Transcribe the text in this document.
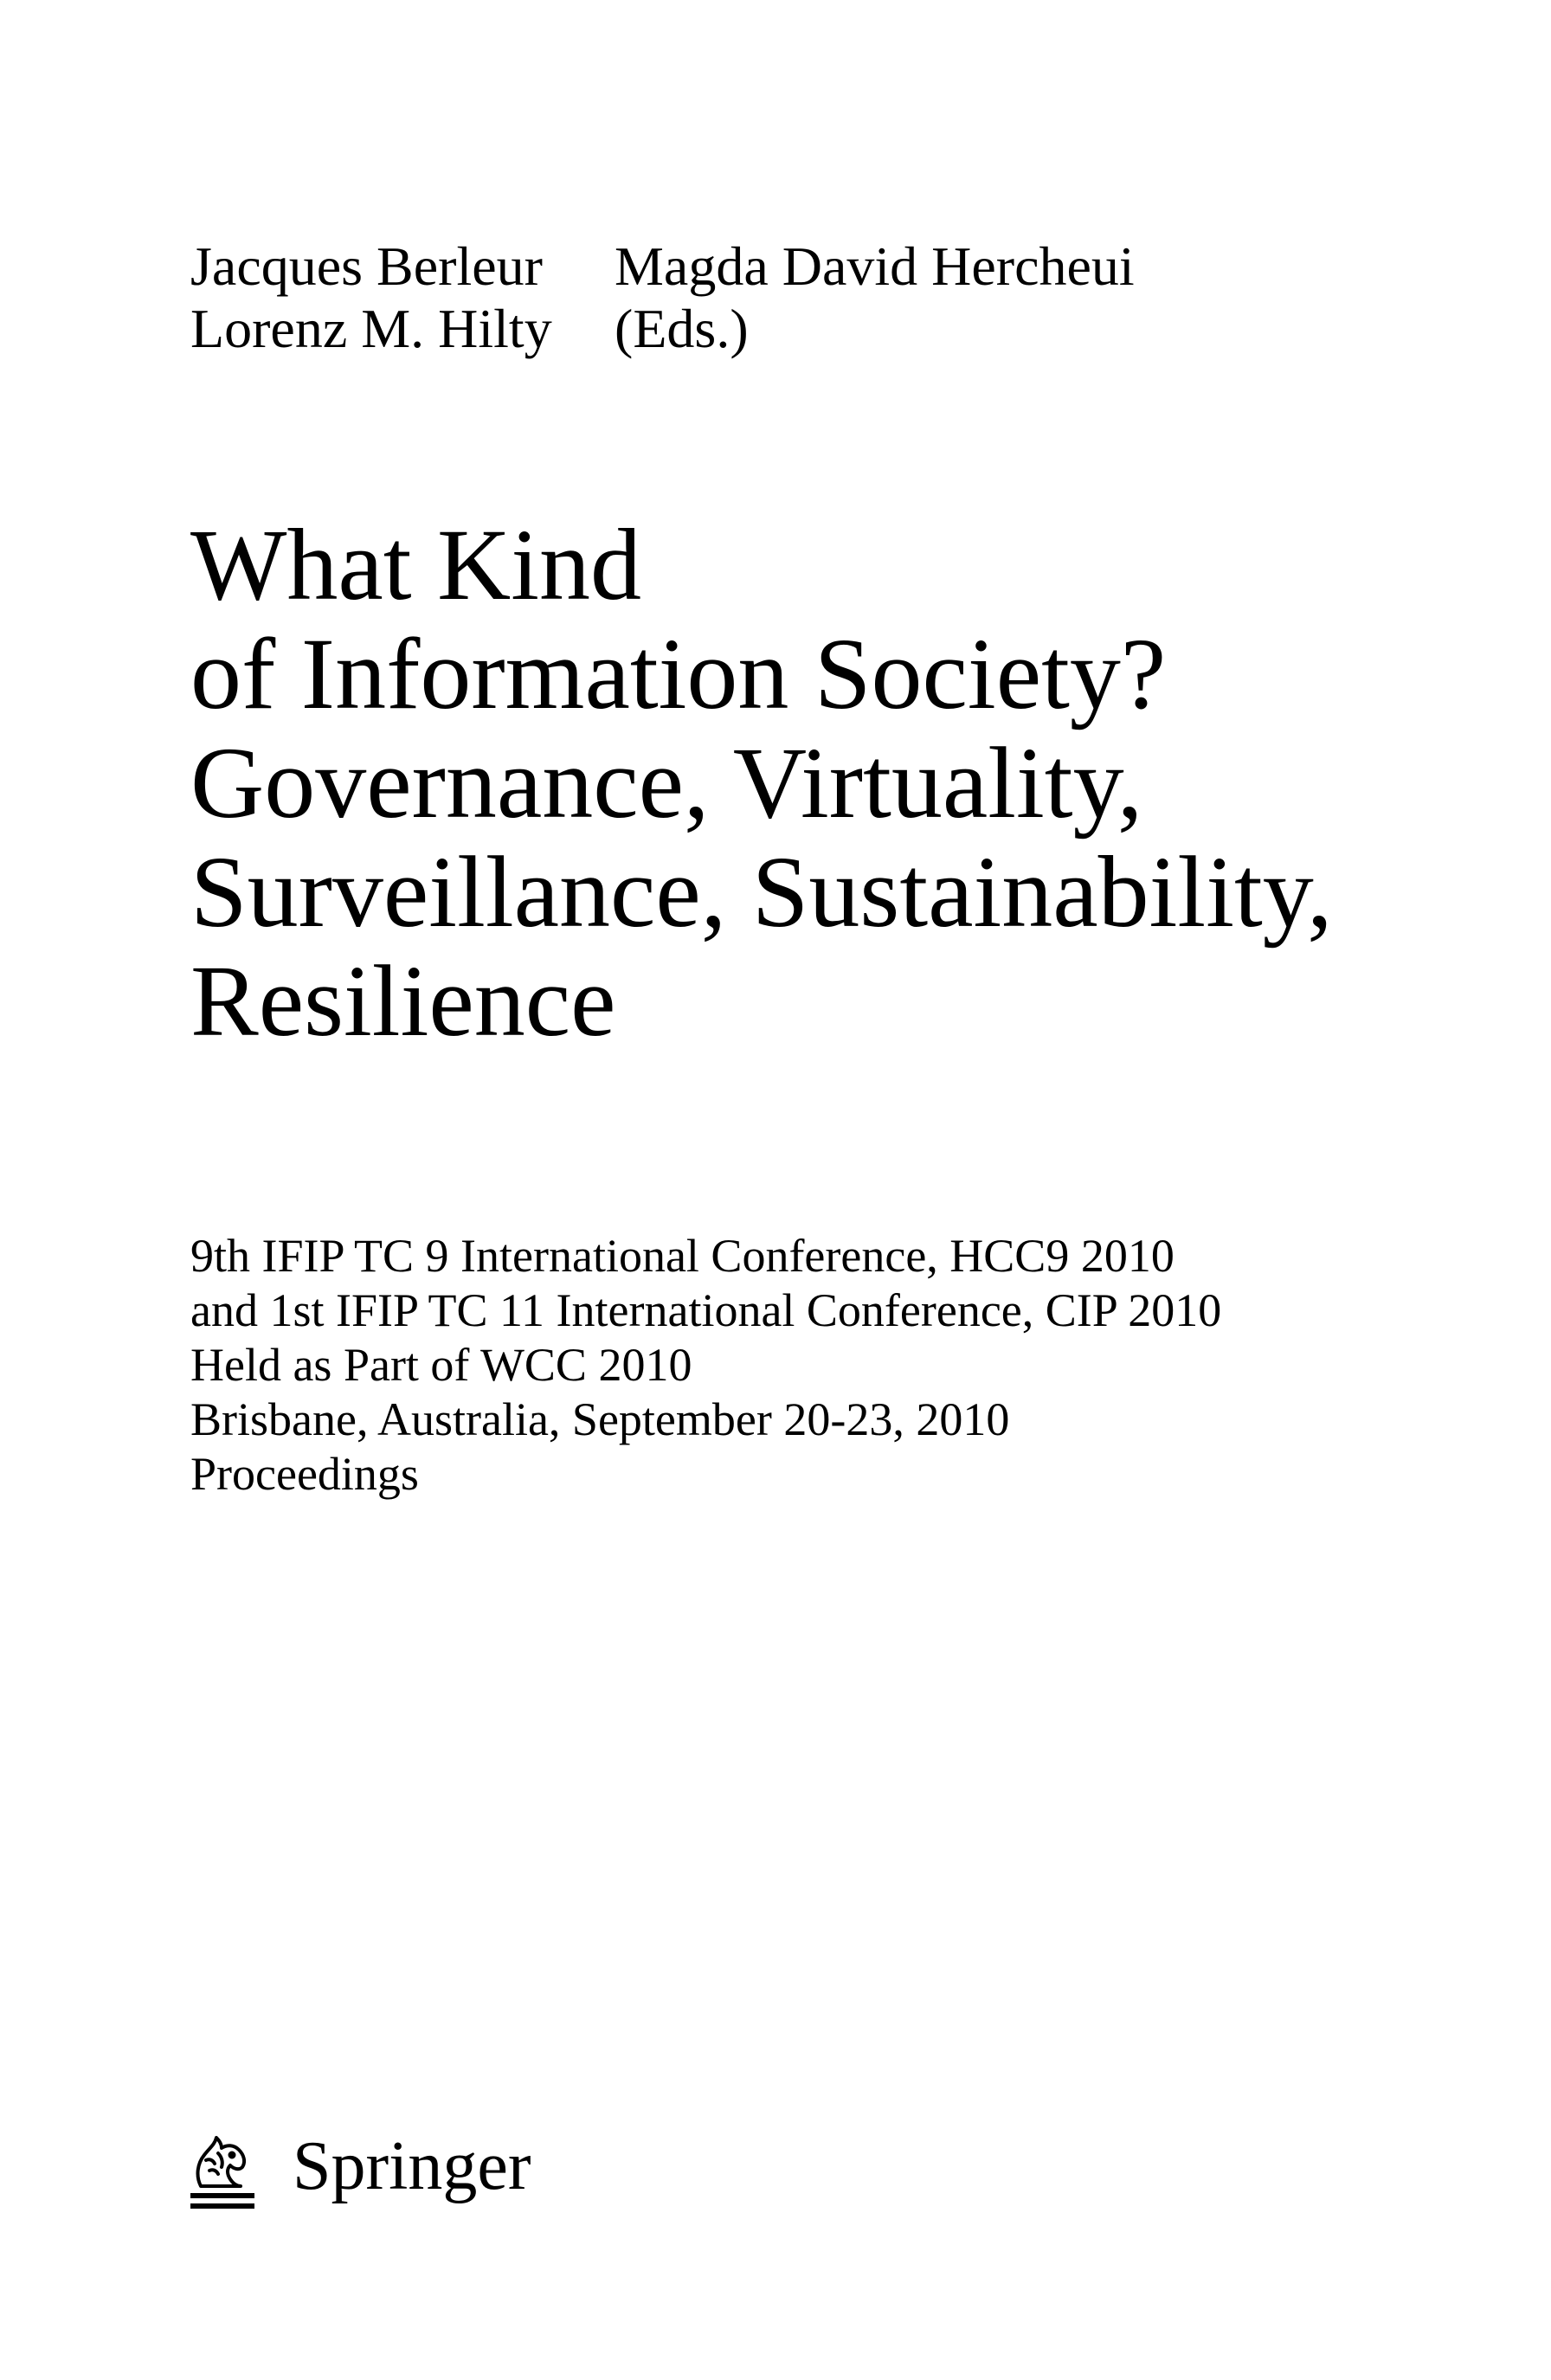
Jacques Berleur Magda David Hercheui
Lorenz M. Hilty (Eds.)
What Kind
of Information Society?
Governance, Virtuality,
Surveillance, Sustainability,
Resilience
9th IFIP TC 9 International Conference, HCC9 2010
and 1st IFIP TC 11 International Conference, CIP 2010
Held as Part of WCC 2010
Brisbane, Australia, September 20-23, 2010
Proceedings
Springer
